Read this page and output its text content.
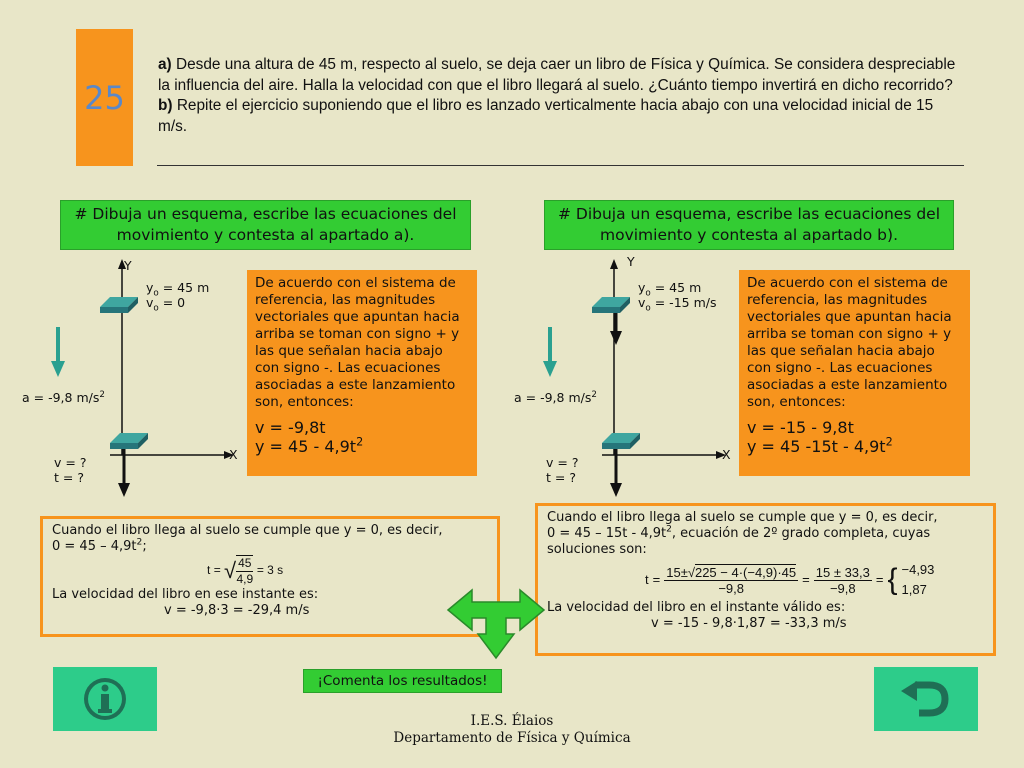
25
a) Desde una altura de 45 m, respecto al suelo, se deja caer un libro de Física y Química. Se considera despreciable la influencia del aire. Halla la velocidad con que el libro llegará al suelo. ¿Cuánto tiempo invertirá en dicho recorrido?
b) Repite el ejercicio suponiendo que el libro es lanzado verticalmente hacia abajo con una velocidad inicial de 15 m/s.
# Dibuja un esquema, escribe las ecuaciones del movimiento y contesta al apartado a).
Y
X
$y_o = 45$ m
$v_o = 0$
a = -9,8 $m/s^2$
v = ?
t = ?
De acuerdo con el sistema de referencia, las magnitudes vectoriales que apuntan hacia arriba se toman con signo + y las que señalan hacia abajo con signo -. Las ecuaciones asociadas a este lanzamiento son, entonces:
v = -9,8t
$y = 45 - 4,9t^2$
Cuando el libro llega al suelo se cumple que y = 0, es decir,
$0 = 45 - 4,9t^2$;
t = √ 45
4,9
= 3 s
La velocidad del libro en ese instante es:
v = -9,8·3 = -29,4 m/s
# Dibuja un esquema, escribe las ecuaciones del movimiento y contesta al apartado b).
Y
X
$y_o = 45$ m
$v_o = -15$ m/s
a = -9,8 $m/s^2$
v = ?
t = ?
De acuerdo con el sistema de referencia, las magnitudes vectoriales que apuntan hacia arriba se toman con signo + y las que señalan hacia abajo con signo -. Las ecuaciones asociadas a este lanzamiento son, entonces:
v = -15 - 9,8t
y = 45 $-15t - 4,9t^2$
Cuando el libro llega al suelo se cumple que y = 0, es decir,
$0 = 45 - 15t - 4,9t^2$, ecuación de 2º grado completa, cuyas soluciones son:
$t = \frac{15\pm√225 - 4\cdot(-4,9)\cdot 45}{-9,8} = \frac{15 \pm 33,3}{-9,8}$ = { −4,93
1,87
La velocidad del libro en el instante válido es:
v = -15 - 9,8·1,87 = -33,3 m/s
¡Comenta los resultados!
I.E.S. Élaios
Departamento de Física y Química
